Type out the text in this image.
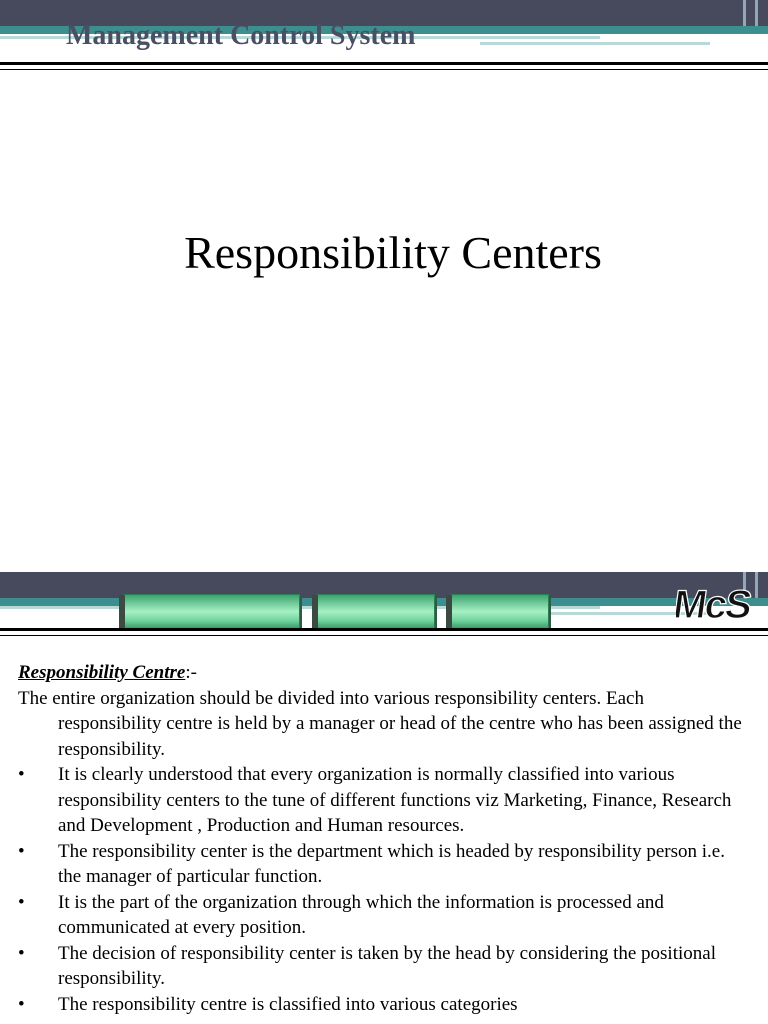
Management Control System
Responsibility Centers
McS

Responsibility Centre:-

The entire organization should be divided into various responsibility centers. Each responsibility centre is held by a manager or head of the centre who has been assigned the responsibility.

• It is clearly understood that every organization is normally classified into various responsibility centers to the tune of different functions viz Marketing, Finance, Research and Development , Production and Human resources.
• The responsibility center is the department which is headed by responsibility person i.e. the manager of particular function.
• It is the part of the organization through which the information is processed and communicated at every position.
• The decision of responsibility center is taken by the head by considering the positional responsibility.
• The responsibility centre is classified into various categories
